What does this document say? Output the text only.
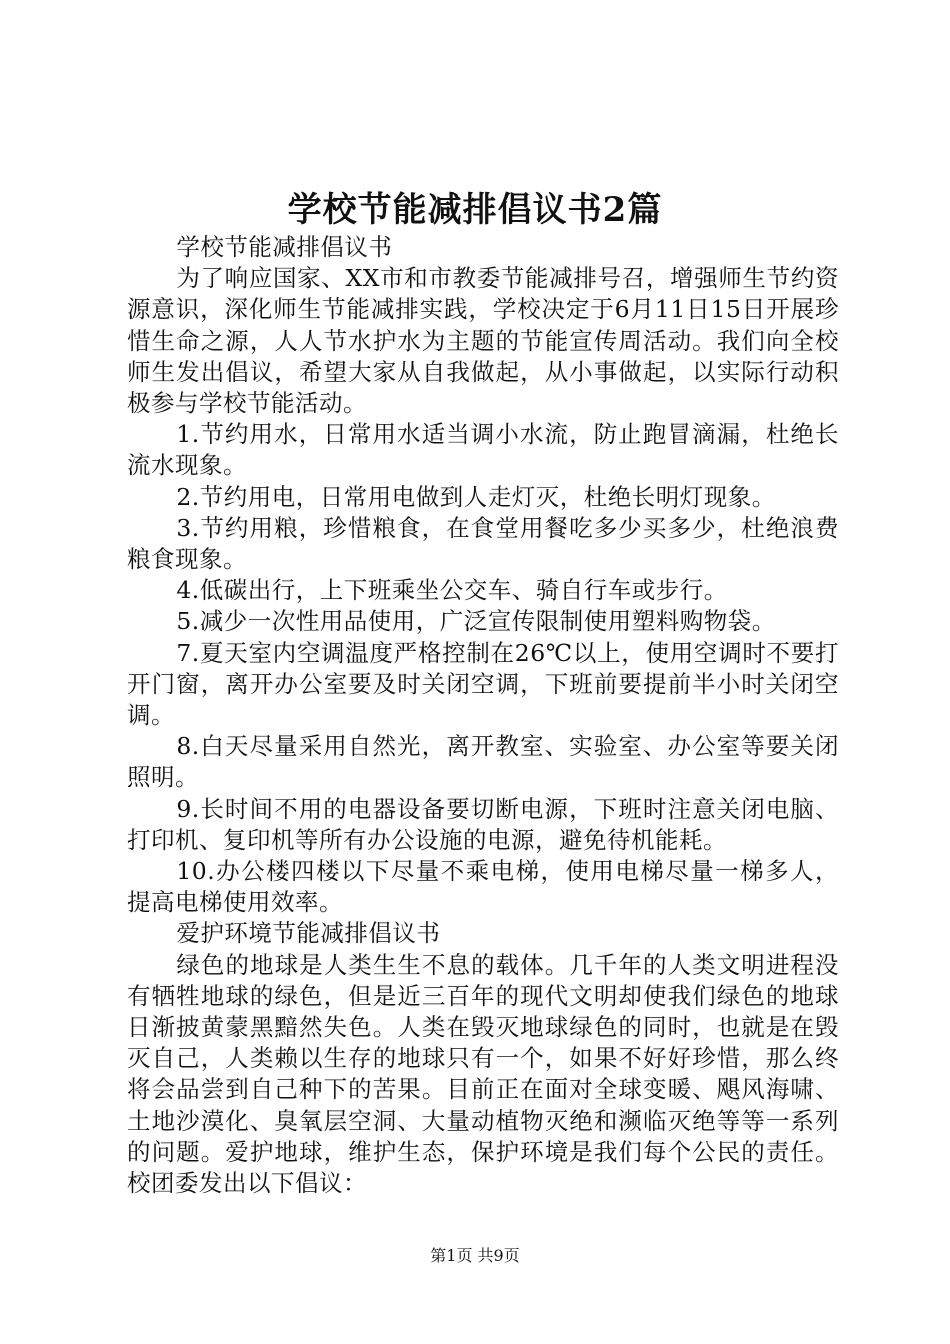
学校节能减排倡议书2篇

学校节能减排倡议书

为了响应国家、XX市和市教委节能减排号召，增强师生节约资源意识，深化师生节能减排实践，学校决定于6月11日15日开展珍惜生命之源，人人节水护水为主题的节能宣传周活动。我们向全校师生发出倡议，希望大家从自我做起，从小事做起，以实际行动积极参与学校节能活动。

1.节约用水，日常用水适当调小水流，防止跑冒滴漏，杜绝长流水现象。

2.节约用电，日常用电做到人走灯灭，杜绝长明灯现象。

3.节约用粮，珍惜粮食，在食堂用餐吃多少买多少，杜绝浪费粮食现象。

4.低碳出行，上下班乘坐公交车、骑自行车或步行。

5.减少一次性用品使用，广泛宣传限制使用塑料购物袋。

7.夏天室内空调温度严格控制在26℃以上，使用空调时不要打开门窗，离开办公室要及时关闭空调，下班前要提前半小时关闭空调。

8.白天尽量采用自然光，离开教室、实验室、办公室等要关闭照明。

9.长时间不用的电器设备要切断电源，下班时注意关闭电脑、打印机、复印机等所有办公设施的电源，避免待机能耗。

10.办公楼四楼以下尽量不乘电梯，使用电梯尽量一梯多人，提高电梯使用效率。

爱护环境节能减排倡议书

绿色的地球是人类生生不息的载体。几千年的人类文明进程没有牺牲地球的绿色，但是近三百年的现代文明却使我们绿色的地球日渐披黄蒙黑黯然失色。人类在毁灭地球绿色的同时，也就是在毁灭自己，人类赖以生存的地球只有一个，如果不好好珍惜，那么终将会品尝到自己种下的苦果。目前正在面对全球变暖、飓风海啸、土地沙漠化、臭氧层空洞、大量动植物灭绝和濒临灭绝等等一系列的问题。爱护地球，维护生态，保护环境是我们每个公民的责任。校团委发出以下倡议：

第1页 共9页
